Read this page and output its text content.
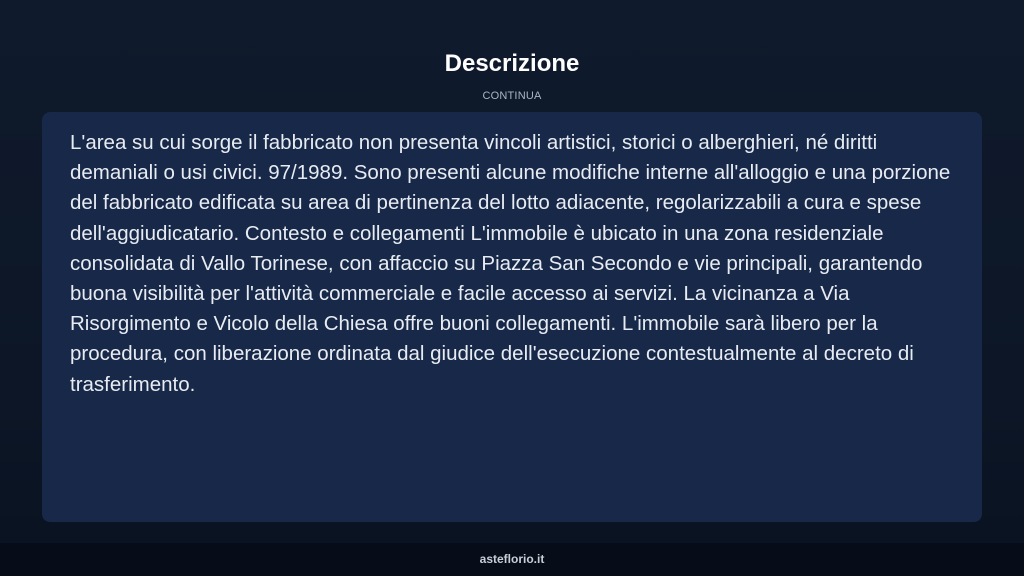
Descrizione
CONTINUA

L'area su cui sorge il fabbricato non presenta vincoli artistici, storici o alberghieri, né diritti demaniali o usi civici. 97/1989. Sono presenti alcune modifiche interne all'alloggio e una porzione del fabbricato edificata su area di pertinenza del lotto adiacente, regolarizzabili a cura e spese dell'aggiudicatario. Contesto e collegamenti L'immobile è ubicato in una zona residenziale consolidata di Vallo Torinese, con affaccio su Piazza San Secondo e vie principali, garantendo buona visibilità per l'attività commerciale e facile accesso ai servizi. La vicinanza a Via Risorgimento e Vicolo della Chiesa offre buoni collegamenti. L'immobile sarà libero per la procedura, con liberazione ordinata dal giudice dell'esecuzione contestualmente al decreto di trasferimento.

asteflorio.it
